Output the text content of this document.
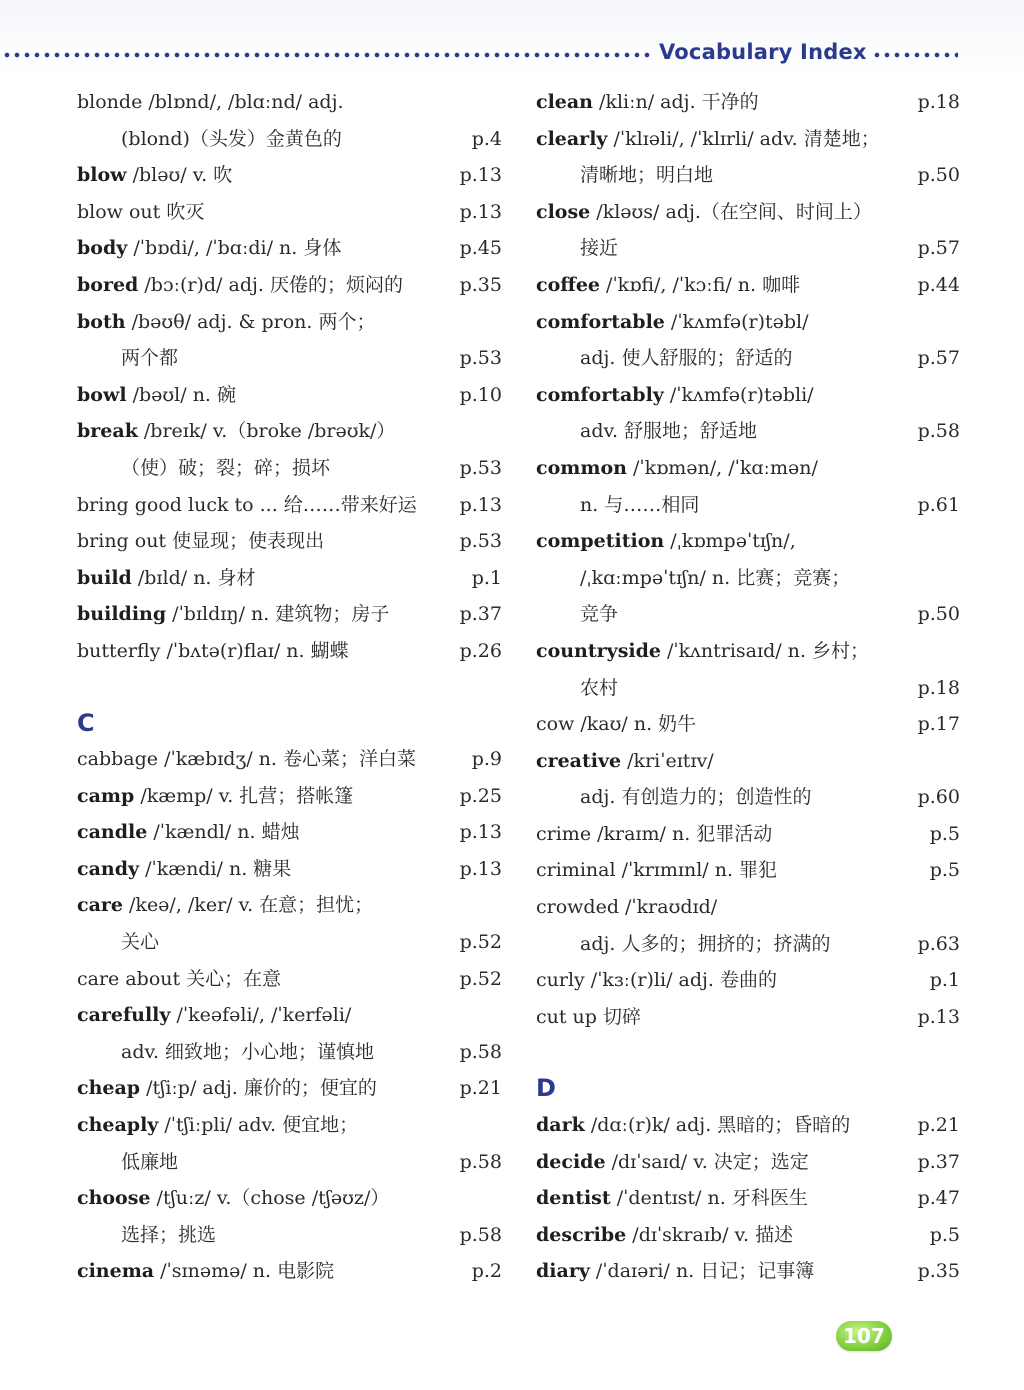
Vocabulary Index
blonde /blɒnd/, /blɑːnd/ adj.
(blond)（头发）金黄色的	p.4
blow /bləʊ/ v. 吹	p.13
blow out 吹灭	p.13
body /ˈbɒdi/, /ˈbɑːdi/ n. 身体	p.45
bored /bɔː(r)d/ adj. 厌倦的；烦闷的	p.35
both /bəʊθ/ adj. & pron. 两个；
两个都	p.53
bowl /bəʊl/ n. 碗	p.10
break /breɪk/ v.（broke /brəʊk/）
（使）破；裂；碎；损坏	p.53
bring good luck to ... 给……带来好运 p.13
bring out 使显现；使表现出	p.53
build /bɪld/ n. 身材	p.1
building /ˈbɪldɪŋ/ n. 建筑物；房子	p.37
butterfly /ˈbʌtə(r)flaɪ/ n. 蝴蝶	p.26
C
cabbage /ˈkæbɪdʒ/ n. 卷心菜；洋白菜	p.9
camp /kæmp/ v. 扎营；搭帐篷	p.25
candle /ˈkændl/ n. 蜡烛	p.13
candy /ˈkændi/ n. 糖果	p.13
care /keə/, /ker/ v. 在意；担忧；
关心	p.52
care about 关心；在意	p.52
carefully /ˈkeəfəli/, /ˈkerfəli/
adv. 细致地；小心地；谨慎地	p.58
cheap /tʃiːp/ adj. 廉价的；便宜的	p.21
cheaply /ˈtʃiːpli/ adv. 便宜地；
低廉地	p.58
choose /tʃuːz/ v.（chose /tʃəʊz/）
选择；挑选	p.58
cinema /ˈsɪnəmə/ n. 电影院	p.2
clean /kliːn/ adj. 干净的	p.18
clearly /ˈklɪəli/, /ˈklɪrli/ adv. 清楚地；
清晰地；明白地	p.50
close /kləʊs/ adj.（在空间、时间上）
接近	p.57
coffee /ˈkɒfi/, /ˈkɔːfi/ n. 咖啡	p.44
comfortable /ˈkʌmfə(r)təbl/
adj. 使人舒服的；舒适的	p.57
comfortably /ˈkʌmfə(r)təbli/
adv. 舒服地；舒适地	p.58
common /ˈkɒmən/, /ˈkɑːmən/
n. 与……相同	p.61
competition /ˌkɒmpəˈtɪʃn/,
/ˌkɑːmpəˈtɪʃn/ n. 比赛；竞赛；
竞争	p.50
countryside /ˈkʌntrisaɪd/ n. 乡村；
农村	p.18
cow /kaʊ/ n. 奶牛	p.17
creative /kriˈeɪtɪv/
adj. 有创造力的；创造性的	p.60
crime /kraɪm/ n. 犯罪活动	p.5
criminal /ˈkrɪmɪnl/ n. 罪犯	p.5
crowded /ˈkraʊdɪd/
adj. 人多的；拥挤的；挤满的	p.63
curly /ˈkɜː(r)li/ adj. 卷曲的	p.1
cut up 切碎	p.13
D
dark /dɑː(r)k/ adj. 黑暗的；昏暗的	p.21
decide /dɪˈsaɪd/ v. 决定；选定	p.37
dentist /ˈdentɪst/ n. 牙科医生	p.47
describe /dɪˈskraɪb/ v. 描述	p.5
diary /ˈdaɪəri/ n. 日记；记事簿	p.35
107
